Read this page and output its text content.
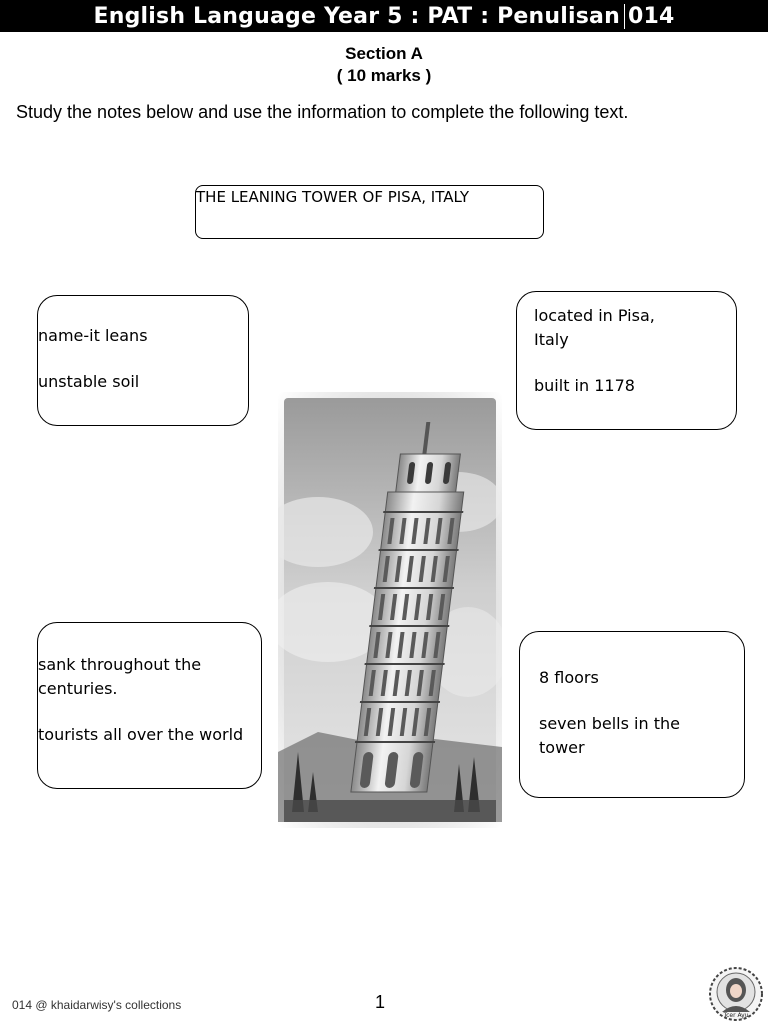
English Language Year 5 : PAT : Penulisan 014
Section A
( 10 marks )
Study the notes below and use the information to complete the following text.
THE LEANING TOWER OF PISA, ITALY

name-it leans

unstable soil

located in Pisa,

Italy

built in 1178

sank throughout the

centuries.

tourists all over the world

8 floors

seven bells in the

tower

014 @ khaidarwisy's collections	1
Tcer Ayu
